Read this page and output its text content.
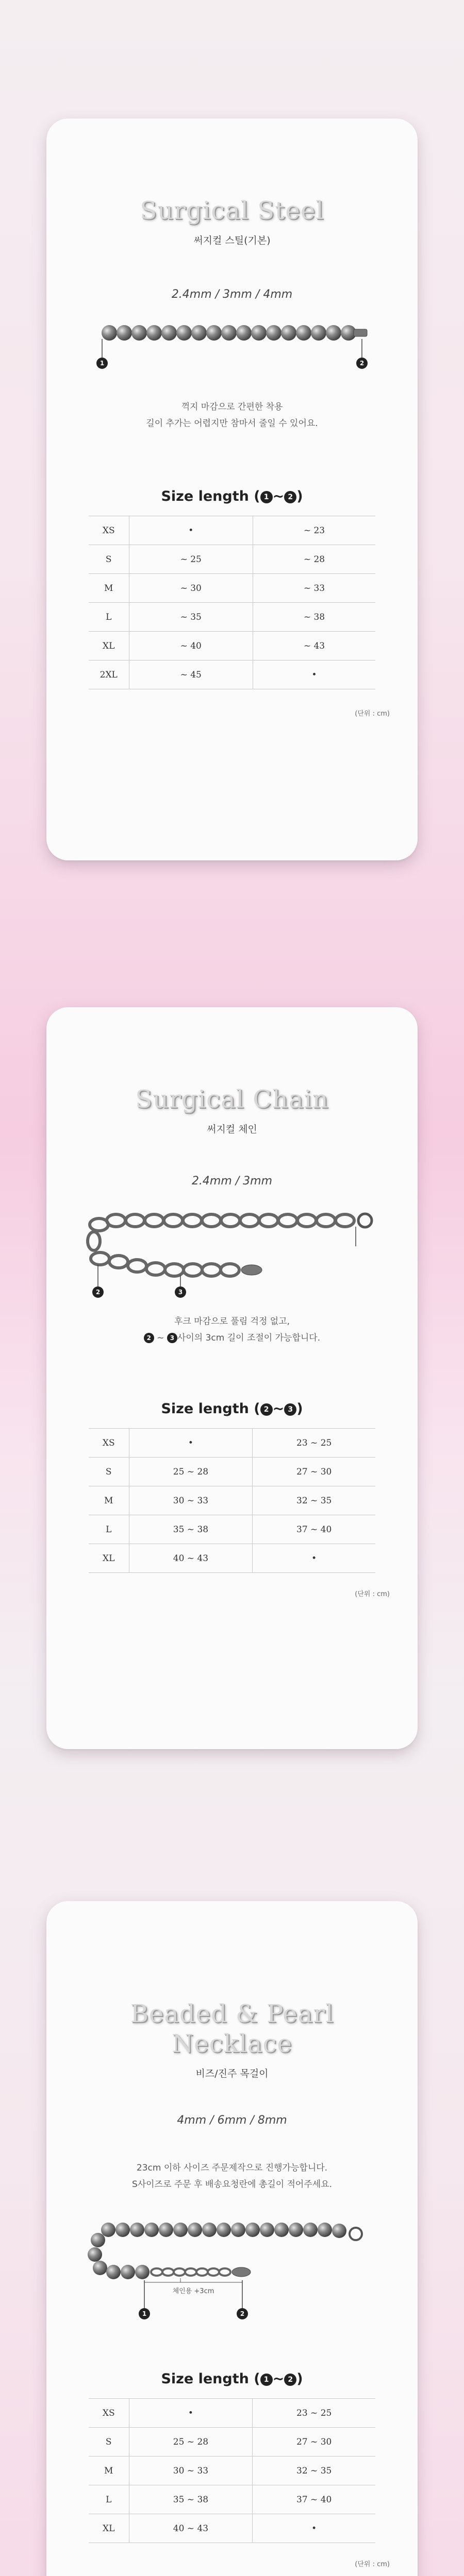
Surgical Steel
써지컬 스틸(기본)
2.4mm / 3mm / 4mm
1	2
꺽지 마감으로 간편한 착용
길이 추가는 어렵지만 참마서 줄일 수 있어요.
Size length ( 1 ~ 2 )
XS	•	~ 23
S	~ 25	~ 28
M	~ 30	~ 33
L	~ 35	~ 38
XL	~ 40	~ 43
2XL	~ 45	•
(단위 : cm)
Surgical Chain
써지컬 체인
2.4mm / 3mm
2	3
후크 마감으로 풀림 걱정 없고,
2 ~ 3 사이의 3cm 길이 조절이 가능합니다.
Size length ( 2 ~ 3 )
XS	•	23 ~ 25
S	25 ~ 28	27 ~ 30
M	30 ~ 33	32 ~ 35
L	35 ~ 38	37 ~ 40
XL	40 ~ 43	•
(단위 : cm)
Beaded & Pearl
Necklace
비즈/진주 목걸이
4mm / 6mm / 8mm
23cm 이하 사이즈 주문제작으로 진행가능합니다.
S사이즈로 주문 후 배송요청란에 총길이 적어주세요.
체인용 +3cm
1	2
Size length ( 1 ~ 2 )
XS	•	23 ~ 25
S	25 ~ 28	27 ~ 30
M	30 ~ 33	32 ~ 35
L	35 ~ 38	37 ~ 40
XL	40 ~ 43	•
(단위 : cm)
